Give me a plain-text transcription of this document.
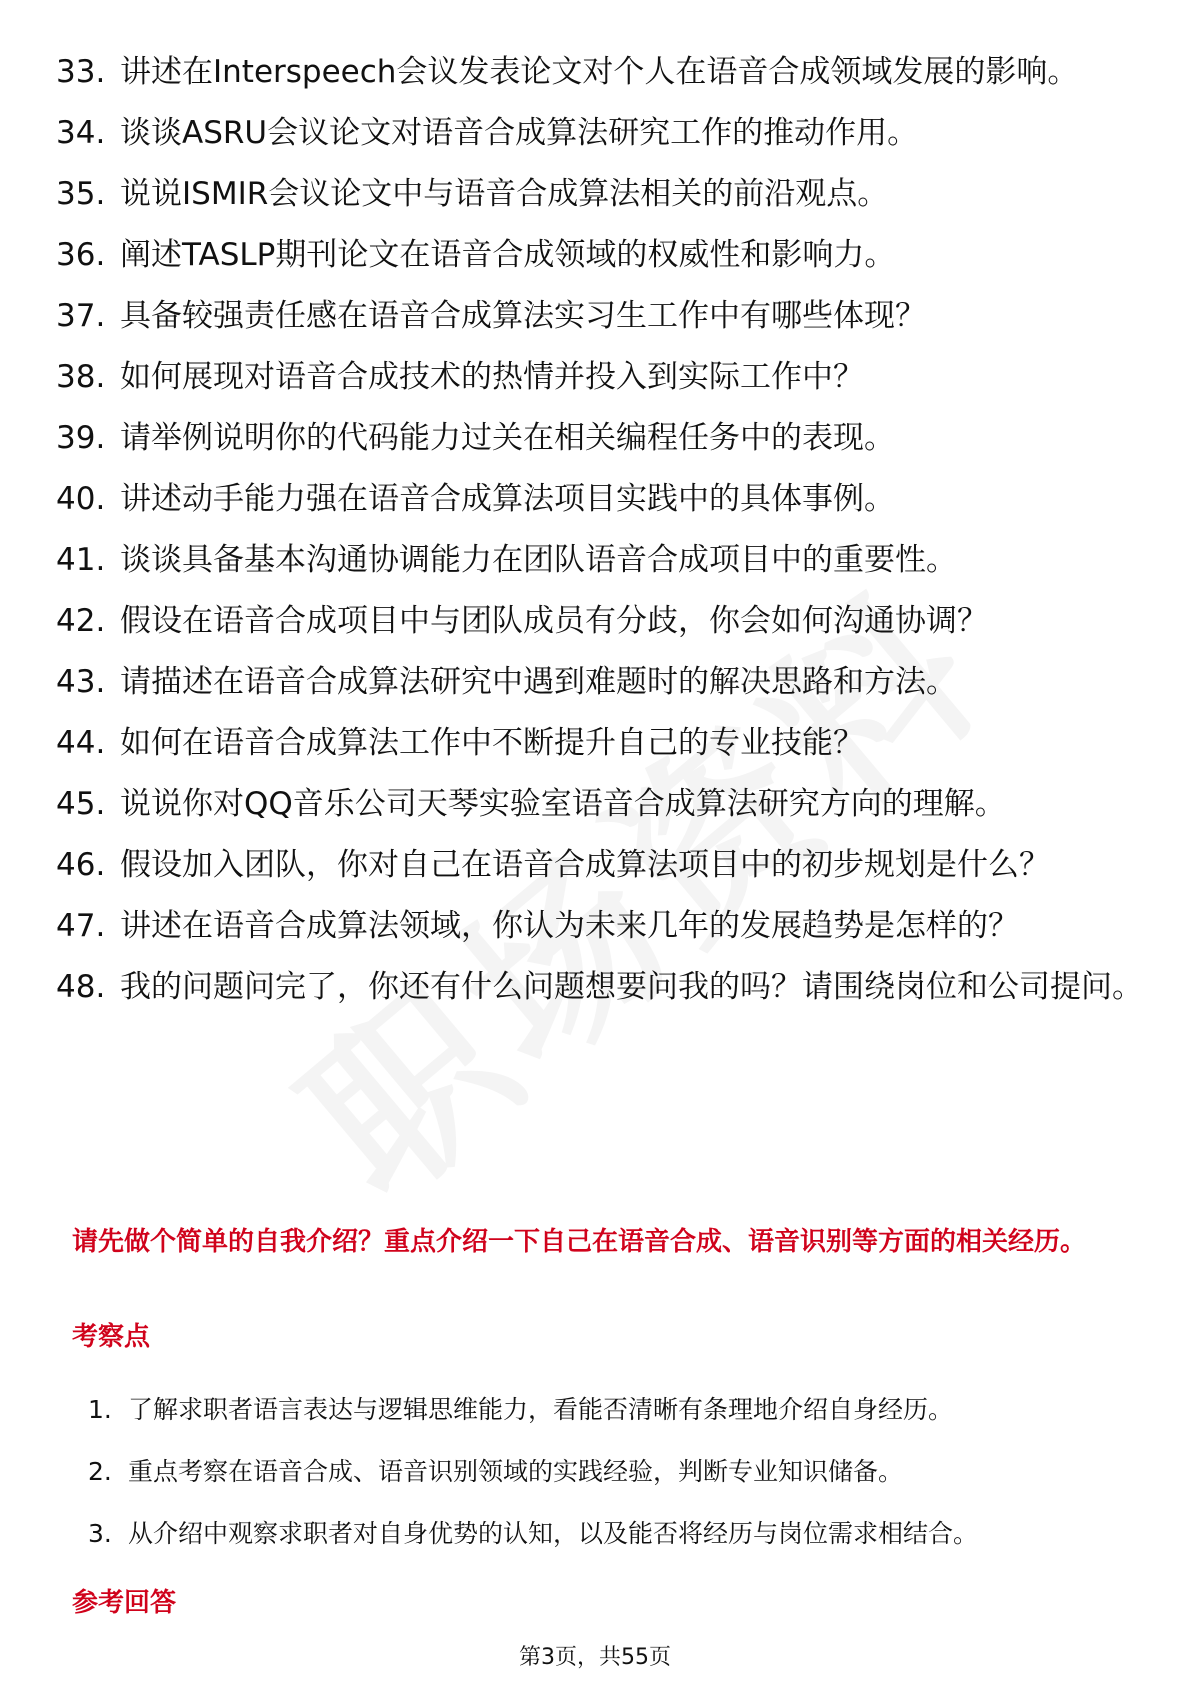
33. 讲述在Interspeech会议发表论文对个人在语音合成领域发展的影响。
34. 谈谈ASRU会议论文对语音合成算法研究工作的推动作用。
35. 说说ISMIR会议论文中与语音合成算法相关的前沿观点。
36. 阐述TASLP期刊论文在语音合成领域的权威性和影响力。
37. 具备较强责任感在语音合成算法实习生工作中有哪些体现？
38. 如何展现对语音合成技术的热情并投入到实际工作中？
39. 请举例说明你的代码能力过关在相关编程任务中的表现。
40. 讲述动手能力强在语音合成算法项目实践中的具体事例。
41. 谈谈具备基本沟通协调能力在团队语音合成项目中的重要性。
42. 假设在语音合成项目中与团队成员有分歧，你会如何沟通协调？
43. 请描述在语音合成算法研究中遇到难题时的解决思路和方法。
44. 如何在语音合成算法工作中不断提升自己的专业技能？
45. 说说你对QQ音乐公司天琴实验室语音合成算法研究方向的理解。
46. 假设加入团队，你对自己在语音合成算法项目中的初步规划是什么？
47. 讲述在语音合成算法领域，你认为未来几年的发展趋势是怎样的？
48. 我的问题问完了，你还有什么问题想要问我的吗？请围绕岗位和公司提问。
请先做个简单的自我介绍？重点介绍一下自己在语音合成、语音识别等方面的相关经历。
考察点
1. 了解求职者语言表达与逻辑思维能力，看能否清晰有条理地介绍自身经历。
2. 重点考察在语音合成、语音识别领域的实践经验，判断专业知识储备。
3. 从介绍中观察求职者对自身优势的认知，以及能否将经历与岗位需求相结合。
参考回答
第3页，共55页
